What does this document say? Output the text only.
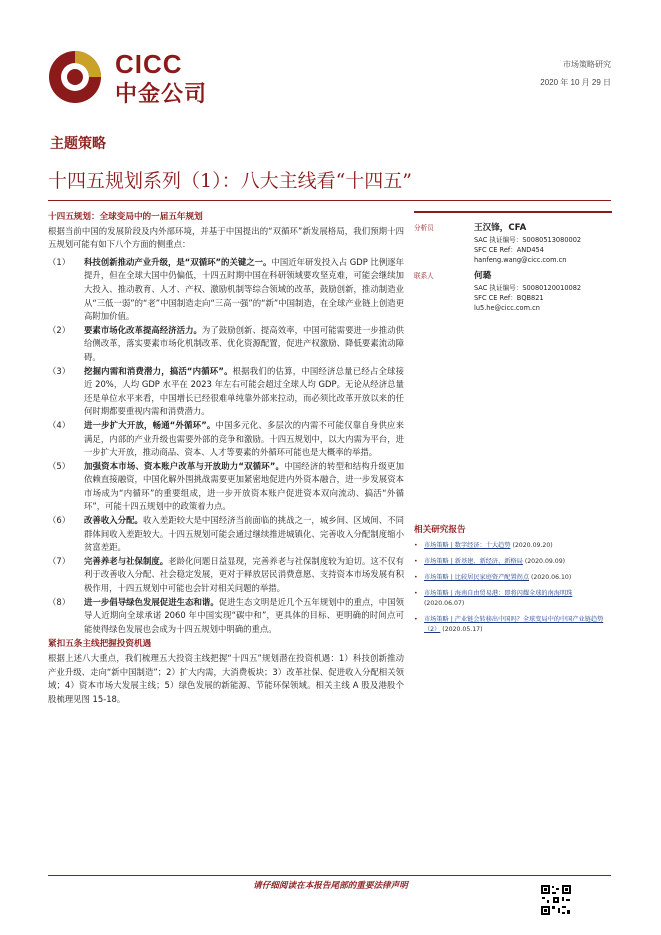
CICC
中金公司
市场策略研究
2020 年 10 月 29 日
主题策略
十四五规划系列（1）：八大主线看“十四五”
十四五规划：全球变局中的一届五年规划
根据当前中国的发展阶段及内外部环境，并基于中国提出的“双循环”新发展格局，我们预期十四五规划可能有如下八个方面的侧重点：
（1）	科技创新推动产业升级，是“双循环”的关键之一。中国近年研发投入占 GDP 比例逐年提升，但在全球大国中仍偏低，十四五时期中国在科研领域要攻坚克难，可能会继续加大投入、推动教育、人才、产权、激励机制等综合领域的改革，鼓励创新，推动制造业从“三低一弱”的“老”中国制造走向“三高一强”的“新”中国制造，在全球产业链上创造更高附加价值。
（2）	要素市场化改革提高经济活力。为了鼓励创新、提高效率，中国可能需要进一步推动供给侧改革，落实要素市场化机制改革、优化资源配置，促进产权激励、降低要素流动障碍。
（3）	挖掘内需和消费潜力，搞活“内循环”。根据我们的估算，中国经济总量已经占全球接近 20%，人均 GDP 水平在 2023 年左右可能会超过全球人均 GDP。无论从经济总量还是单位水平来看，中国增长已经很难单纯靠外部来拉动，而必须比改革开放以来的任何时期都要重视内需和消费潜力。
（4）	进一步扩大开放，畅通“外循环”。中国多元化、多层次的内需不可能仅靠自身供应来满足，内部的产业升级也需要外部的竞争和激励。十四五规划中，以大内需为平台，进一步扩大开放，推动商品、资本、人才等要素的外循环可能也是大概率的举措。
（5）	加强资本市场、资本账户改革与开放助力“双循环”。中国经济的转型和结构升级更加依赖直接融资，中国化解外围挑战需要更加紧密地促进内外资本融合，进一步发展资本市场成为“内循环”的重要组成，进一步开放资本账户促进资本双向流动、搞活“外循环”，可能十四五规划中的政策着力点。
（6）	改善收入分配。收入差距较大是中国经济当前面临的挑战之一，城乡间、区域间、不同群体间收入差距较大。十四五规划可能会通过继续推进城镇化、完善收入分配制度缩小贫富差距。
（7）	完善养老与社保制度。老龄化问题日益显现，完善养老与社保制度较为迫切。这不仅有利于改善收入分配、社会稳定发展，更对于释放居民消费意愿、支持资本市场发展有积极作用，十四五规划中可能也会针对相关问题的举措。
（8）	进一步倡导绿色发展促进生态和谐。促进生态文明是近几个五年规划中的重点，中国领导人近期向全球承诺 2060 年中国实现“碳中和”，更具体的目标、更明确的时间点可能使得绿色发展也会成为十四五规划中明确的重点。
紧扣五条主线把握投资机遇
根据上述八大重点，我们梳理五大投资主线把握“十四五”规划潜在投资机遇：1）科技创新推动产业升级、走向“新中国制造”；2）扩大内需，大消费板块；3）改革社保、促进收入分配相关领域；4）资本市场大发展主线；5）绿色发展的新能源、节能环保领域。相关主线 A 股及港股个股梳理见图 15-18。
分析员	王汉锋，CFA
SAC 执证编号：S0080513080002
SFC CE Ref：AND454
hanfeng.wang@cicc.com.cn
联系人	何璐
SAC 执证编号：S0080120010082
SFC CE Ref：BQB821
lu5.he@cicc.com.cn
相关研究报告
•	市场策略 | 数字经济：十大趋势 (2020.09.20)
•	市场策略 | 新基建、新经济、新格局 (2020.09.09)
•	市场策略 | 比较居民家庭资产配置拐点 (2020.06.10)
•	市场策略 | 海南自由贸易港：即将闪耀全球的南海明珠 (2020.06.07)
•	市场策略 | 产业链会转移出中国吗？全球变局中的中国产业链趋势（2） (2020.05.17)
请仔细阅读在本报告尾部的重要法律声明
